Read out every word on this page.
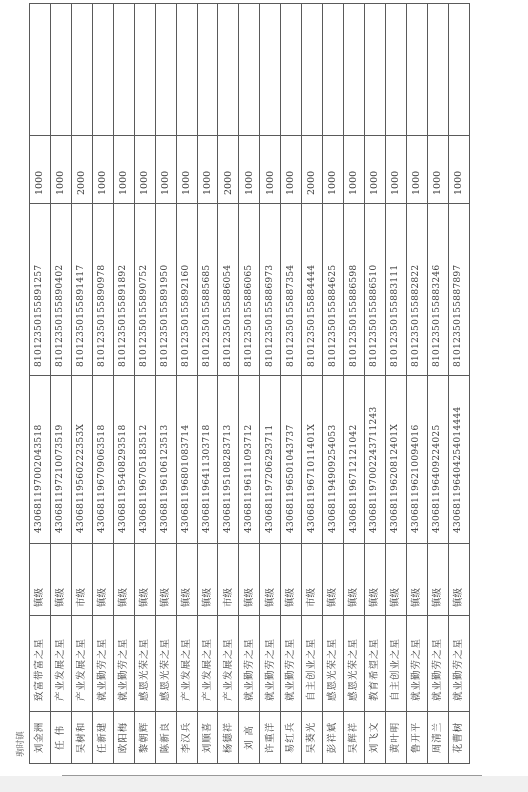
刘金洲	致富带富之星	镇级	430681197002043518	81012350155891257	1000	
任 伟	产业发展之星	镇级	430681197210073519	81012350155890402	1000	
吴树和	产业发展之星	市级	43068119560222353X	81012350155891417	2000	
任新建	就业勤劳之星	镇级	430681196709063518	81012350155890978	1000	
欧阳梅	就业勤劳之星	镇级	430681195408293518	81012350155891892	1000	
黎朝辉	感恩光荣之星	镇级	430681196705183512	81012350155890752	1000	
陈新良	感恩光荣之星	镇级	430681196106123513	81012350155891950	1000	
李汉兵	产业发展之星	镇级	430681196801083714	81012350155892160	1000	
刘顺喜	产业发展之星	镇级	430681196411303718	81012350155885685	1000	
杨德祥	产业发展之星	市级	430681195108283713	81012350155886054	2000	
刘 高	就业勤劳之星	镇级	430681196111093712	81012350155886065	1000	
许重洋	就业勤劳之星	镇级	430681197206293711	81012350155886973	1000	
易红兵	就业勤劳之星	镇级	430681196501043737	81012350155887354	1000	
吴葵光	自主创业之星	市级	43068119671011401X	81012350155884444	2000	
彭祥斌	感恩光荣之星	镇级	430681194909254053	81012350155884625	1000	
吴辉祥	感恩光荣之星	镇级	430681196712121042	81012350155886598	1000	
刘飞文	教育希望之星	镇级	430681197002243711243	81012350155886510	1000	
黄叶明	自主创业之星	镇级	43068119620812401X	81012350155883111	1000	
鲁开平	就业勤劳之星	镇级	430681196210094016	81012350155882822	1000	
周清兰	就业勤劳之星	镇级	430681196409224025	81012350155883246	1000	
花曹树	就业勤劳之星	镇级	430681196404254014444	81012350155887897	1000	
驹时镇
